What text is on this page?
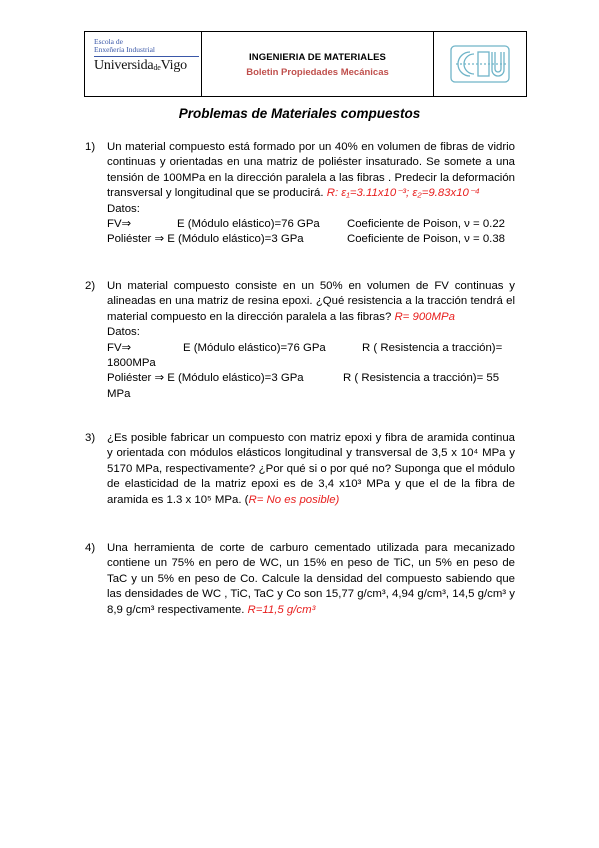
Escola de
Enxeñería Industrial
Universida$_{de}$Vigo
INGENIERIA DE MATERIALES
Boletin Propiedades Mecánicas
Problemas de Materiales compuestos
1) Un material compuesto está formado por un 40% en volumen de fibras de vidrio continuas y orientadas en una matriz de poliéster insaturado. Se somete a una tensión de 100MPa en la dirección paralela a las fibras . Predecir la deformación transversal y longitudinal que se producirá. R: ε₁=3.11x10⁻³; ε₂=9.83x10⁻⁴
Datos:
FV⇒	E (Módulo elástico)=76 GPa Coeficiente de Poison, ν = 0.22
Poliéster ⇒ E (Módulo elástico)=3 GPa	Coeficiente de Poison, ν = 0.38
2) Un material compuesto consiste en un 50% en volumen de FV continuas y alineadas en una matriz de resina epoxi. ¿Qué resistencia a la tracción tendrá el material compuesto en la dirección paralela a las fibras? R= 900MPa
Datos:
FV⇒	E (Módulo elástico)=76 GPa	R ( Resistencia a tracción)=
1800MPa
Poliéster ⇒ E (Módulo elástico)=3 GPa	R ( Resistencia a tracción)= 55
MPa
3) ¿Es posible fabricar un compuesto con matriz epoxi y fibra de aramida continua y orientada con módulos elásticos longitudinal y transversal de 3,5 x 10⁴ MPa y 5170 MPa, respectivamente? ¿Por qué si o por qué no? Suponga que el módulo de elasticidad de la matriz epoxi es de 3,4 x10³ MPa y que el de la fibra de aramida es 1.3 x 10⁵ MPa. (R= No es posible)
4) Una herramienta de corte de carburo cementado utilizada para mecanizado contiene un 75% en pero de WC, un 15% en peso de TiC, un 5% en peso de TaC y un 5% en peso de Co. Calcule la densidad del compuesto sabiendo que las densidades de WC , TiC, TaC y Co son 15,77 g/cm³, 4,94 g/cm³, 14,5 g/cm³ y 8,9 g/cm³ respectivamente. R=11,5 g/cm³
